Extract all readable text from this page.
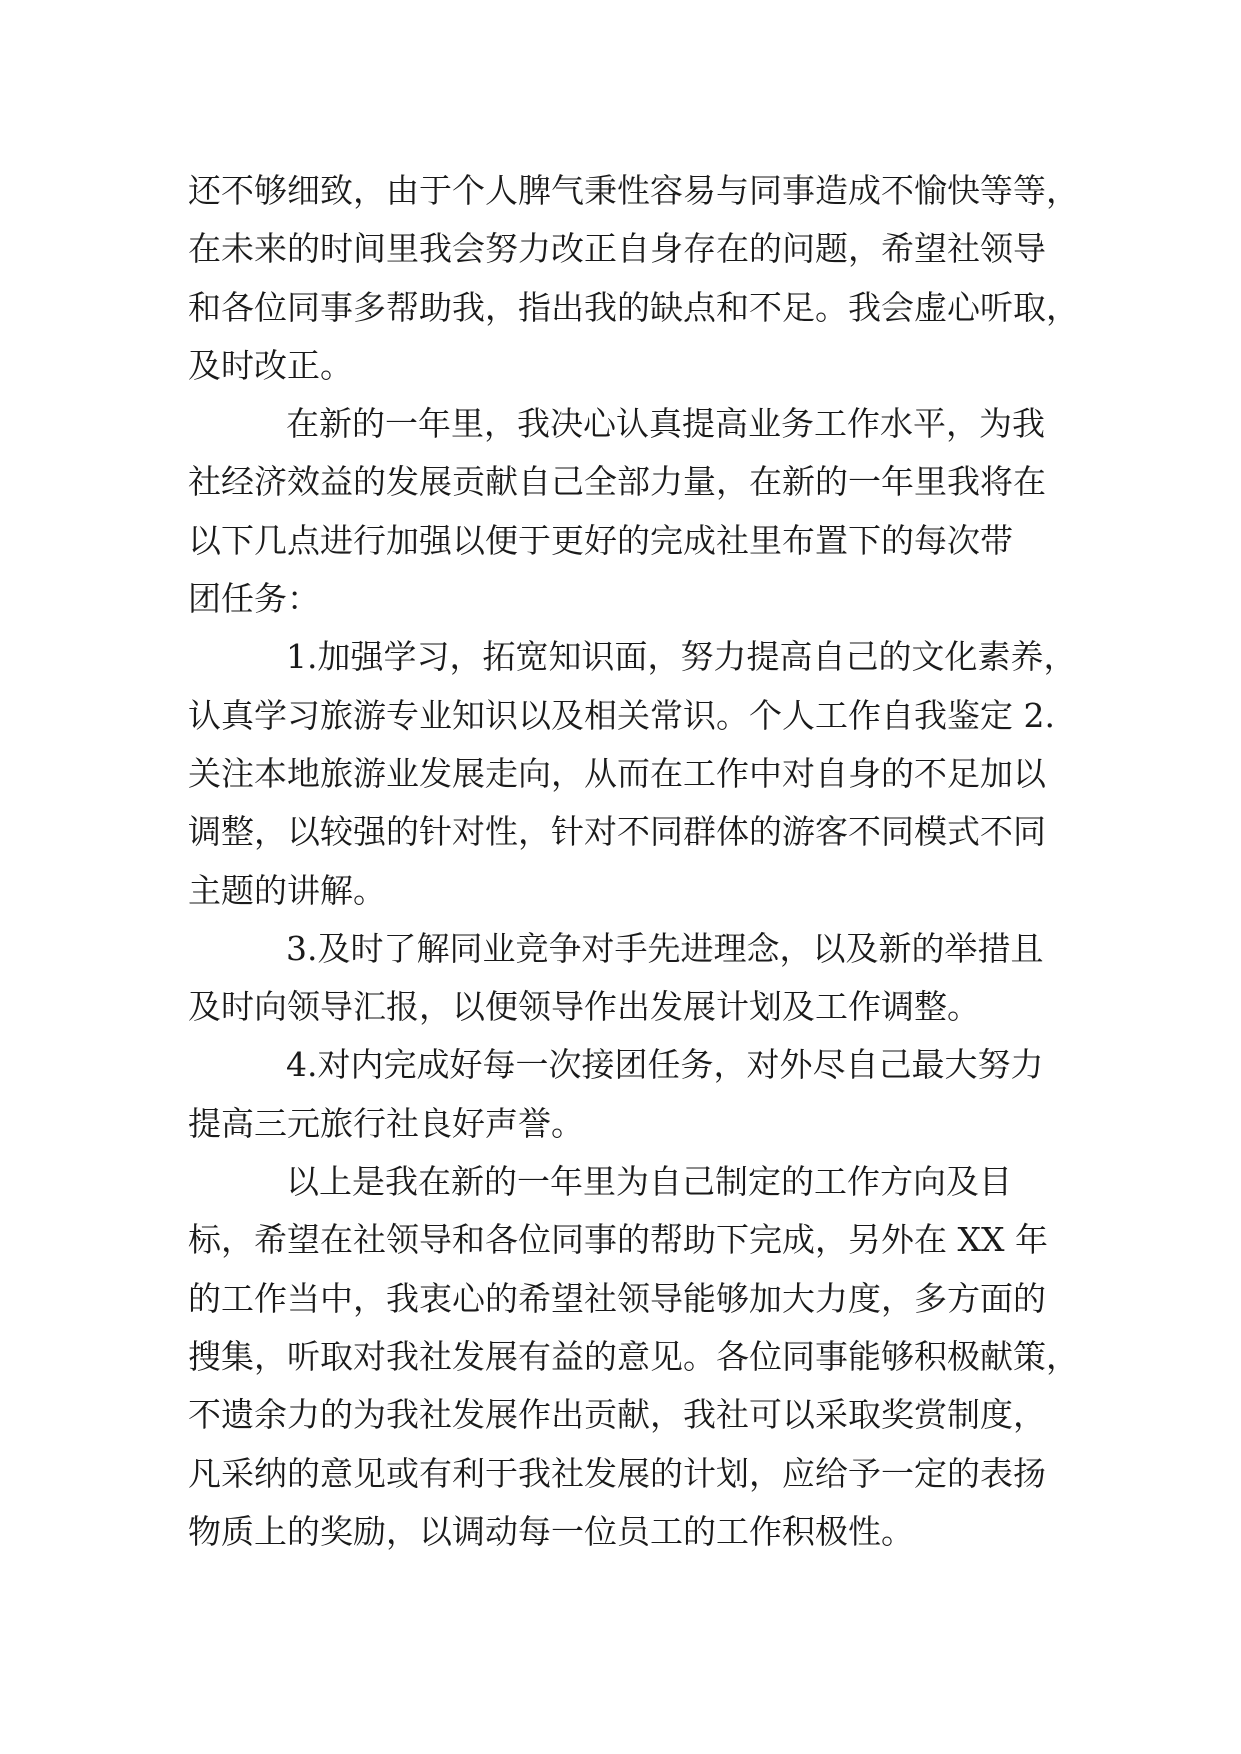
还不够细致，由于个人脾气秉性容易与同事造成不愉快等等，
在未来的时间里我会努力改正自身存在的问题，希望社领导
和各位同事多帮助我，指出我的缺点和不足。我会虚心听取，
及时改正。

在新的一年里，我决心认真提高业务工作水平，为我
社经济效益的发展贡献自己全部力量，在新的一年里我将在
以下几点进行加强以便于更好的完成社里布置下的每次带
团任务：

1.加强学习，拓宽知识面，努力提高自己的文化素养，
认真学习旅游专业知识以及相关常识。个人工作自我鉴定 2.
关注本地旅游业发展走向，从而在工作中对自身的不足加以
调整，以较强的针对性，针对不同群体的游客不同模式不同
主题的讲解。

3.及时了解同业竞争对手先进理念，以及新的举措且
及时向领导汇报，以便领导作出发展计划及工作调整。

4.对内完成好每一次接团任务，对外尽自己最大努力
提高三元旅行社良好声誉。

以上是我在新的一年里为自己制定的工作方向及目
标，希望在社领导和各位同事的帮助下完成，另外在 XX 年
的工作当中，我衷心的希望社领导能够加大力度，多方面的
搜集，听取对我社发展有益的意见。各位同事能够积极献策，
不遗余力的为我社发展作出贡献，我社可以采取奖赏制度，
凡采纳的意见或有利于我社发展的计划，应给予一定的表扬
物质上的奖励，以调动每一位员工的工作积极性。
